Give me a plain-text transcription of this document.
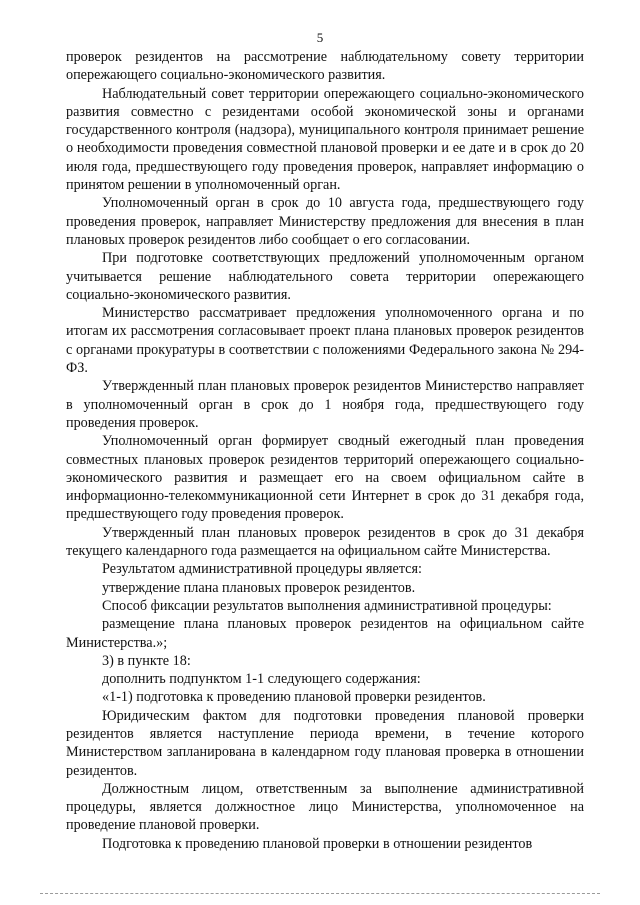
5

проверок резидентов на рассмотрение наблюдательному совету территории опережающего социально-экономического развития.

Наблюдательный совет территории опережающего социально-экономического развития совместно с резидентами особой экономической зоны и органами государственного контроля (надзора), муниципального контроля принимает решение о необходимости проведения совместной плановой проверки и ее дате и в срок до 20 июля года, предшествующего году проведения проверок, направляет информацию о принятом решении в уполномоченный орган.

Уполномоченный орган в срок до 10 августа года, предшествующего году проведения проверок, направляет Министерству предложения для внесения в план плановых проверок резидентов либо сообщает о его согласовании.

При подготовке соответствующих предложений уполномоченным органом учитывается решение наблюдательного совета территории опережающего социально-экономического развития.

Министерство рассматривает предложения уполномоченного органа и по итогам их рассмотрения согласовывает проект плана плановых проверок резидентов с органами прокуратуры в соответствии с положениями Федерального закона № 294-ФЗ.

Утвержденный план плановых проверок резидентов Министерство направляет в уполномоченный орган в срок до 1 ноября года, предшествующего году проведения проверок.

Уполномоченный орган формирует сводный ежегодный план проведения совместных плановых проверок резидентов территорий опережающего социально-экономического развития и размещает его на своем официальном сайте в информационно-телекоммуникационной сети Интернет в срок до 31 декабря года, предшествующего году проведения проверок.

Утвержденный план плановых проверок резидентов в срок до 31 декабря текущего календарного года размещается на официальном сайте Министерства.

Результатом административной процедуры является:

утверждение плана плановых проверок резидентов.

Способ фиксации результатов выполнения административной процедуры:

размещение плана плановых проверок резидентов на официальном сайте Министерства.»;

3) в пункте 18:

дополнить подпунктом 1-1 следующего содержания:

«1-1) подготовка к проведению плановой проверки резидентов.

Юридическим фактом для подготовки проведения плановой проверки резидентов является наступление периода времени, в течение которого Министерством запланирована в календарном году плановая проверка в отношении резидентов.

Должностным лицом, ответственным за выполнение административной процедуры, является должностное лицо Министерства, уполномоченное на проведение плановой проверки.

Подготовка к проведению плановой проверки в отношении резидентов
